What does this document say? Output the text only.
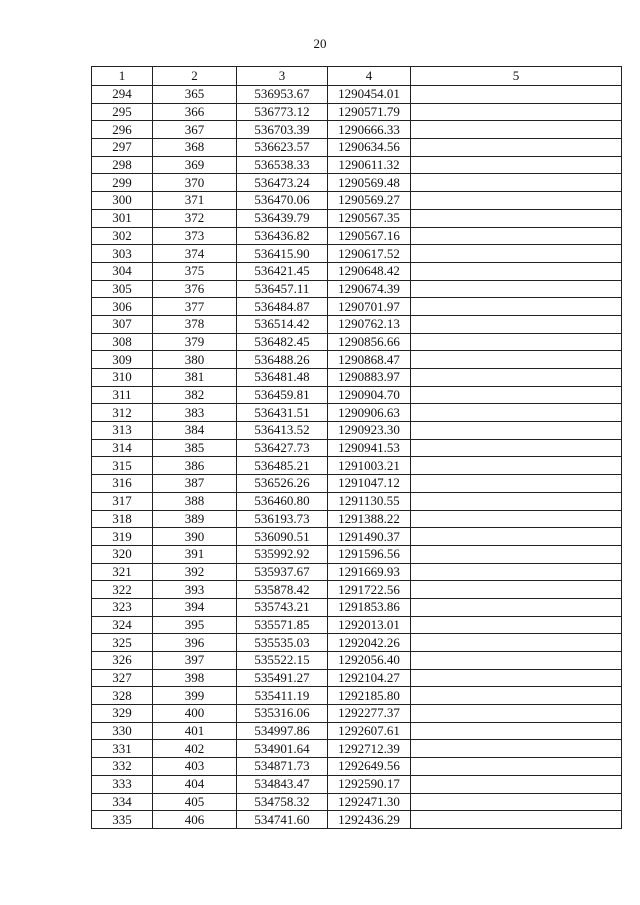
20
1	2	3	4	5
294	365	536953.67	1290454.01	
295	366	536773.12	1290571.79	
296	367	536703.39	1290666.33	
297	368	536623.57	1290634.56	
298	369	536538.33	1290611.32	
299	370	536473.24	1290569.48	
300	371	536470.06	1290569.27	
301	372	536439.79	1290567.35	
302	373	536436.82	1290567.16	
303	374	536415.90	1290617.52	
304	375	536421.45	1290648.42	
305	376	536457.11	1290674.39	
306	377	536484.87	1290701.97	
307	378	536514.42	1290762.13	
308	379	536482.45	1290856.66	
309	380	536488.26	1290868.47	
310	381	536481.48	1290883.97	
311	382	536459.81	1290904.70	
312	383	536431.51	1290906.63	
313	384	536413.52	1290923.30	
314	385	536427.73	1290941.53	
315	386	536485.21	1291003.21	
316	387	536526.26	1291047.12	
317	388	536460.80	1291130.55	
318	389	536193.73	1291388.22	
319	390	536090.51	1291490.37	
320	391	535992.92	1291596.56	
321	392	535937.67	1291669.93	
322	393	535878.42	1291722.56	
323	394	535743.21	1291853.86	
324	395	535571.85	1292013.01	
325	396	535535.03	1292042.26	
326	397	535522.15	1292056.40	
327	398	535491.27	1292104.27	
328	399	535411.19	1292185.80	
329	400	535316.06	1292277.37	
330	401	534997.86	1292607.61	
331	402	534901.64	1292712.39	
332	403	534871.73	1292649.56	
333	404	534843.47	1292590.17	
334	405	534758.32	1292471.30	
335	406	534741.60	1292436.29	
